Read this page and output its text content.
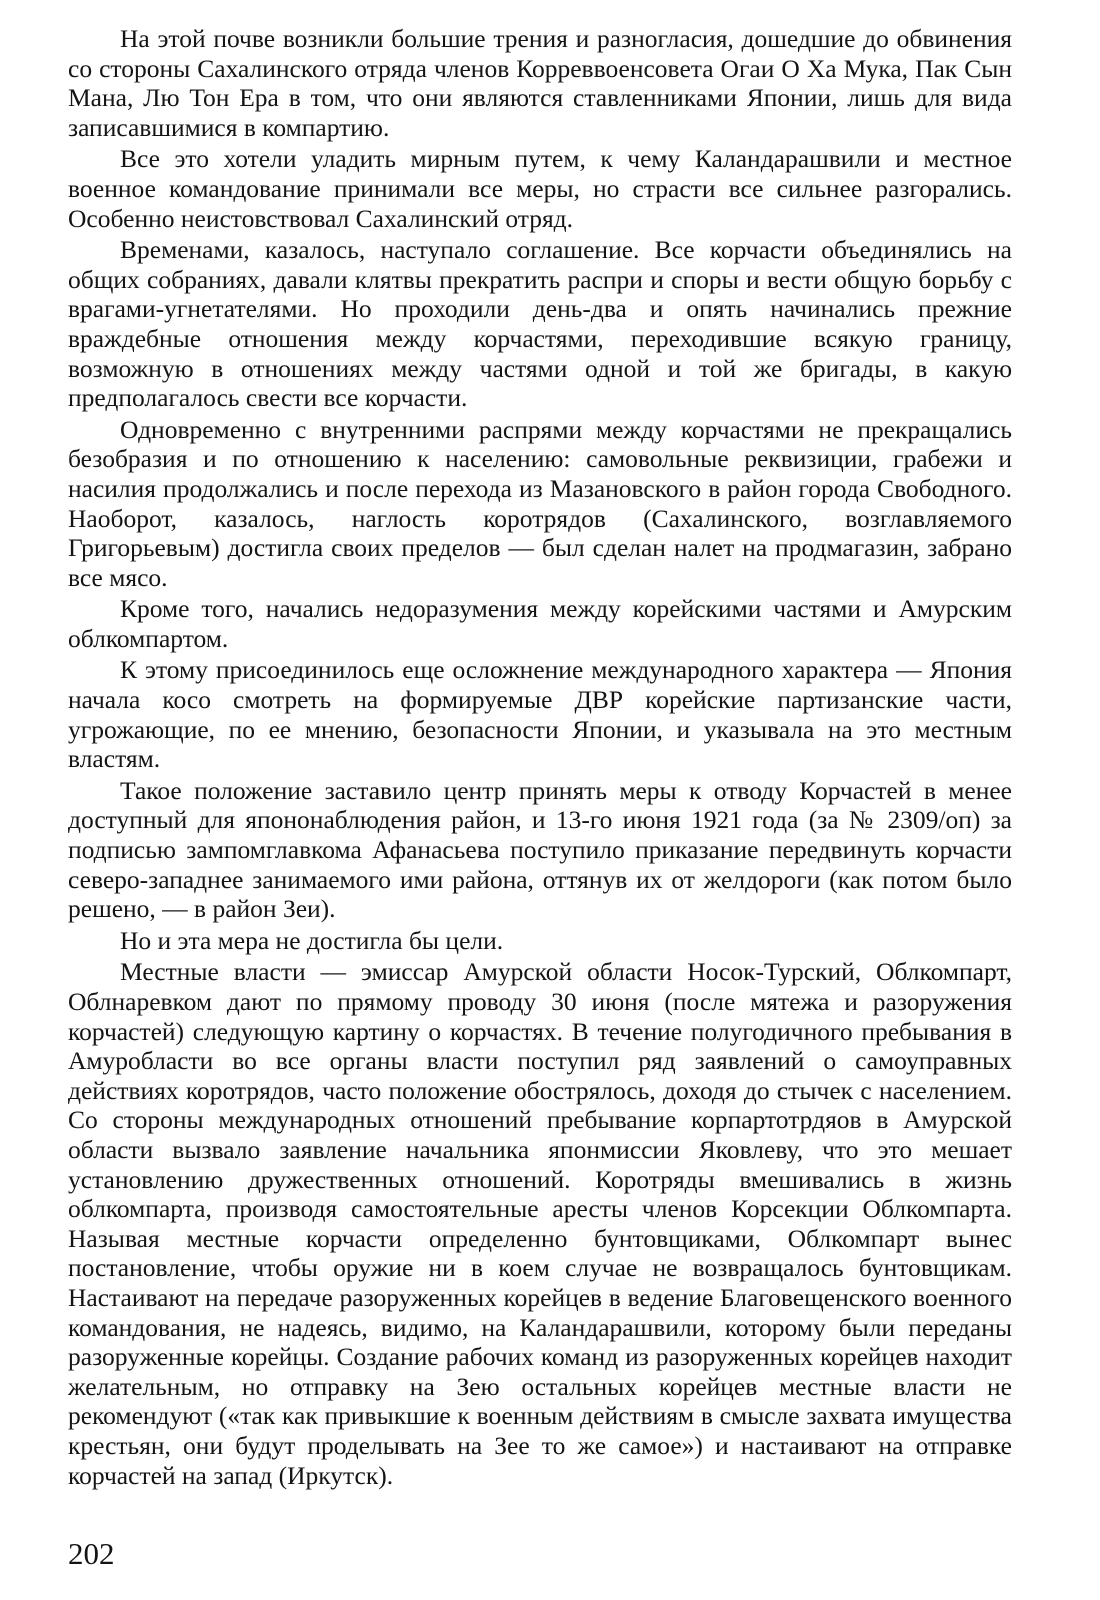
На этой почве возникли большие трения и разногласия, дошедшие до обвинения со стороны Сахалинского отряда членов Корреввоенсовета Огаи О Ха Мука, Пак Сын Мана, Лю Тон Ера в том, что они являются ставленниками Японии, лишь для вида записавшимися в компартию.

Все это хотели уладить мирным путем, к чему Каландарашвили и местное военное командование принимали все меры, но страсти все сильнее разгорались. Особенно неистовствовал Сахалинский отряд.

Временами, казалось, наступало соглашение. Все корчасти объединялись на общих собраниях, давали клятвы прекратить распри и споры и вести общую борьбу с врагами-угнетателями. Но проходили день-два и опять начинались прежние враждебные отношения между корчастями, переходившие всякую границу, возможную в отношениях между частями одной и той же бригады, в какую предполагалось свести все корчасти.

Одновременно с внутренними распрями между корчастями не прекращались безобразия и по отношению к населению: самовольные реквизиции, грабежи и насилия продолжались и после перехода из Мазановского в район города Свободного. Наоборот, казалось, наглость коротрядов (Сахалинского, возглавляемого Григорьевым) достигла своих пределов — был сделан налет на продмагазин, забрано все мясо.

Кроме того, начались недоразумения между корейскими частями и Амурским облкомпартом.

К этому присоединилось еще осложнение международного характера — Япония начала косо смотреть на формируемые ДВР корейские партизанские части, угрожающие, по ее мнению, безопасности Японии, и указывала на это местным властям.

Такое положение заставило центр принять меры к отводу Корчастей в менее доступный для япононаблюдения район, и 13-го июня 1921 года (за № 2309/оп) за подписью зампомглавкома Афанасьева поступило приказание передвинуть корчасти северо-западнее занимаемого ими района, оттянув их от желдороги (как потом было решено, — в район Зеи).

Но и эта мера не достигла бы цели.

Местные власти — эмиссар Амурской области Носок-Турский, Облкомпарт, Облнаревком дают по прямому проводу 30 июня (после мятежа и разоружения корчастей) следующую картину о корчастях. В течение полугодичного пребывания в Амуробласти во все органы власти поступил ряд заявлений о самоуправных действиях коротрядов, часто положение обострялось, доходя до стычек с населением. Со стороны международных отношений пребывание корпартотрдяов в Амурской области вызвало заявление начальника японмиссии Яковлеву, что это мешает установлению дружественных отношений. Коротряды вмешивались в жизнь облкомпарта, производя самостоятельные аресты членов Корсекции Облкомпарта. Называя местные корчасти определенно бунтовщиками, Облкомпарт вынес постановление, чтобы оружие ни в коем случае не возвращалось бунтовщикам. Настаивают на передаче разоруженных корейцев в ведение Благовещенского военного командования, не надеясь, видимо, на Каландарашвили, которому были переданы разоруженные корейцы. Создание рабочих команд из разоруженных корейцев находит желательным, но отправку на Зею остальных корейцев местные власти не рекомендуют («так как привыкшие к военным действиям в смысле захвата имущества крестьян, они будут проделывать на Зее то же самое») и настаивают на отправке корчастей на запад (Иркутск).

202
